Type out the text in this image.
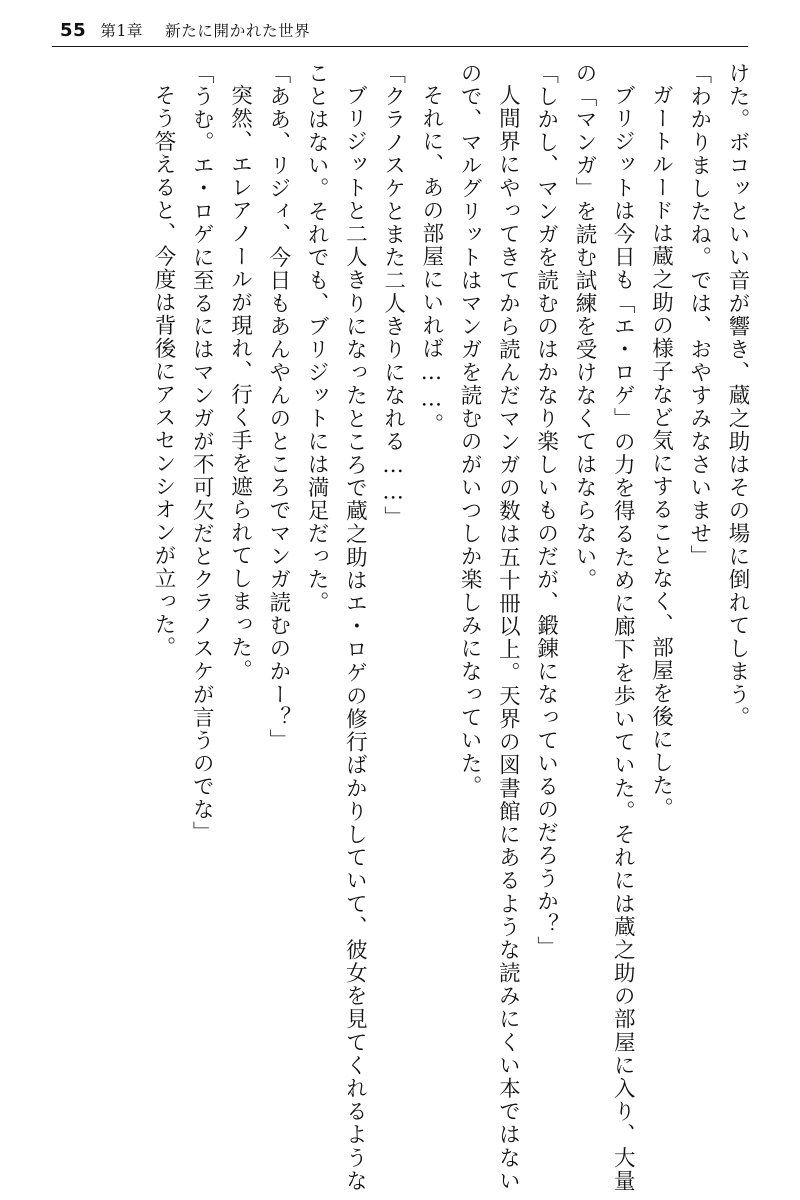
55 第1章 新たに開かれた世界

けた。ボコッといい音が響き、蔵之助はその場に倒れてしまう。

「わかりましたね。では、おやすみなさいませ」

ガートルードは蔵之助の様子など気にすることなく、部屋を後にした。

ブリジットは今日も「エ・ロゲ」の力を得るために廊下を歩いていた。それには蔵之助の部屋に入り、大量の「マンガ」を読む試練を受けなくてはならない。

「しかし、マンガを読むのはかなり楽しいものだが、鍛錬になっているのだろうか？」

人間界にやってきてから読んだマンガの数は五十冊以上。天界の図書館にあるような読みにくい本ではないので、マルグリットはマンガを読むのがいつしか楽しみになっていた。

それに、あの部屋にいれば……。

「クラノスケとまた二人きりになれる……」

ブリジットと二人きりになったところで蔵之助はエ・ロゲの修行ばかりしていて、彼女を見てくれるようなことはない。それでも、ブリジットには満足だった。

「ああ、リジィ、今日もあんやんのところでマンガ読むのかー？」

突然、エレアノールが現れ、行く手を遮られてしまった。

「うむ。エ・ロゲに至るにはマンガが不可欠だとクラノスケが言うのでな」

そう答えると、今度は背後にアスセンシオンが立った。
